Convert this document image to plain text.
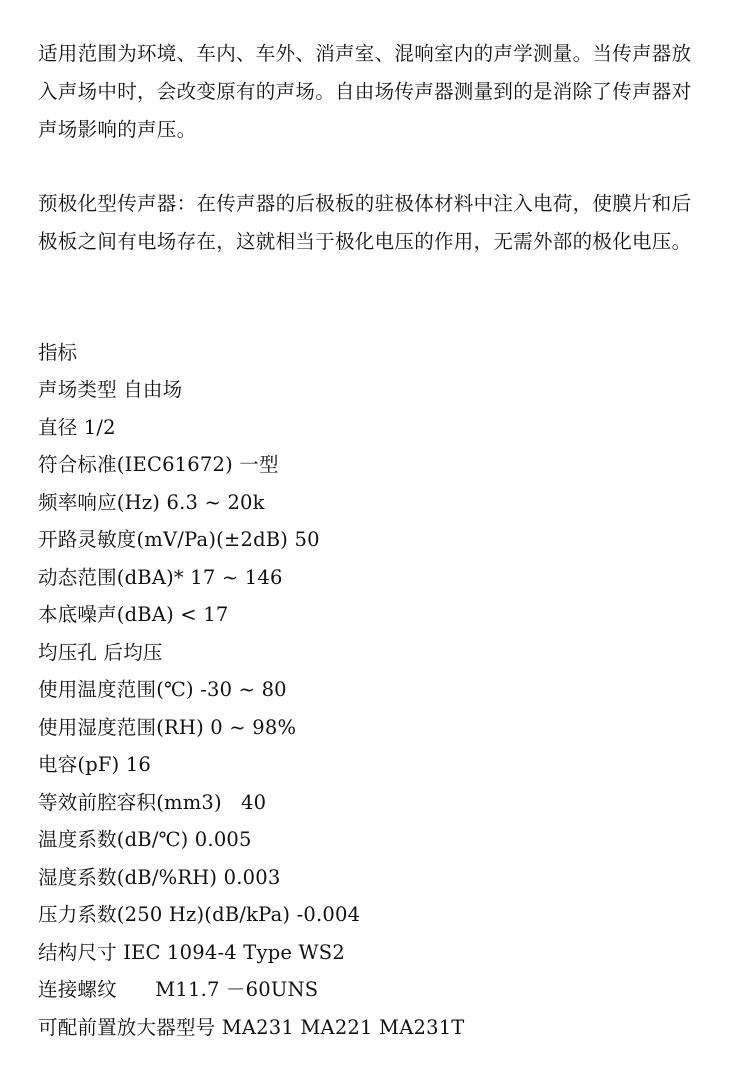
适用范围为环境、车内、车外、消声室、混响室内的声学测量。当传声器放入声场中时，会改变原有的声场。自由场传声器测量到的是消除了传声器对声场影响的声压。

预极化型传声器：在传声器的后极板的驻极体材料中注入电荷，使膜片和后极板之间有电场存在，这就相当于极化电压的作用，无需外部的极化电压。

指标
声场类型 自由场
直径 1/2
符合标准(IEC61672) 一型
频率响应(Hz) 6.3 ~ 20k
开路灵敏度(mV/Pa)(±2dB) 50
动态范围(dBA)* 17 ~ 146
本底噪声(dBA) < 17
均压孔 后均压
使用温度范围(℃) -30 ~ 80
使用湿度范围(RH) 0 ~ 98%
电容(pF) 16
等效前腔容积(mm3)   40
温度系数(dB/℃) 0.005
湿度系数(dB/%RH) 0.003
压力系数(250 Hz)(dB/kPa) -0.004
结构尺寸 IEC 1094-4 Type WS2
连接螺纹      M11.7 －60UNS
可配前置放大器型号 MA231 MA221 MA231T
